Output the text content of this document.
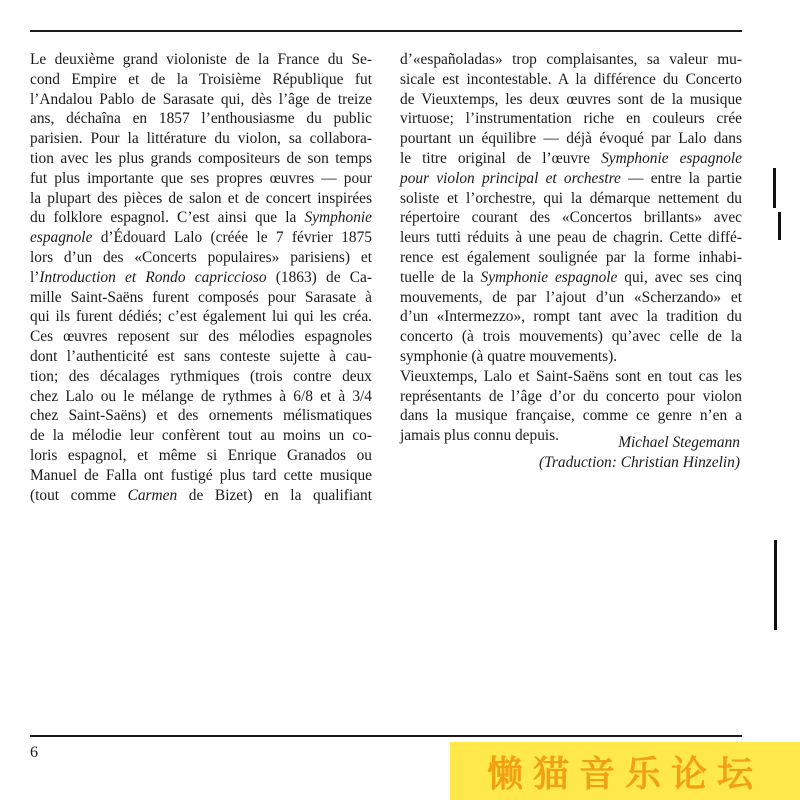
Le deuxième grand violoniste de la France du Se-
cond Empire et de la Troisième République fut
l’Andalou Pablo de Sarasate qui, dès l’âge de treize
ans, déchaîna en 1857 l’enthousiasme du public
parisien. Pour la littérature du violon, sa collabora-
tion avec les plus grands compositeurs de son temps
fut plus importante que ses propres œuvres — pour
la plupart des pièces de salon et de concert inspirées
du folklore espagnol. C’est ainsi que la Symphonie
espagnole d’Édouard Lalo (créée le 7 février 1875
lors d’un des «Concerts populaires» parisiens) et
l’Introduction et Rondo capriccioso (1863) de Ca-
mille Saint-Saëns furent composés pour Sarasate à
qui ils furent dédiés; c’est également lui qui les créa.
Ces œuvres reposent sur des mélodies espagnoles
dont l’authenticité est sans conteste sujette à cau-
tion; des décalages rythmiques (trois contre deux
chez Lalo ou le mélange de rythmes à 6/8 et à 3/4
chez Saint-Saëns) et des ornements mélismatiques
de la mélodie leur confèrent tout au moins un co-
loris espagnol, et même si Enrique Granados ou
Manuel de Falla ont fustigé plus tard cette musique
(tout comme Carmen de Bizet) en la qualifiant
d’«españoladas» trop complaisantes, sa valeur mu-
sicale est incontestable. A la différence du Concerto
de Vieuxtemps, les deux œuvres sont de la musique
virtuose; l’instrumentation riche en couleurs crée
pourtant un équilibre — déjà évoqué par Lalo dans
le titre original de l’œuvre Symphonie espagnole
pour violon principal et orchestre — entre la partie
soliste et l’orchestre, qui la démarque nettement du
répertoire courant des «Concertos brillants» avec
leurs tutti réduits à une peau de chagrin. Cette diffé-
rence est également soulignée par la forme inhabi-
tuelle de la Symphonie espagnole qui, avec ses cinq
mouvements, de par l’ajout d’un «Scherzando» et
d’un «Intermezzo», rompt tant avec la tradition du
concerto (à trois mouvements) qu’avec celle de la
symphonie (à quatre mouvements).
Vieuxtemps, Lalo et Saint-Saëns sont en tout cas les
représentants de l’âge d’or du concerto pour violon
dans la musique française, comme ce genre n’en a
jamais plus connu depuis.	Michael Stegemann
(Traduction: Christian Hinzelin)
6
懒猫音乐论坛
